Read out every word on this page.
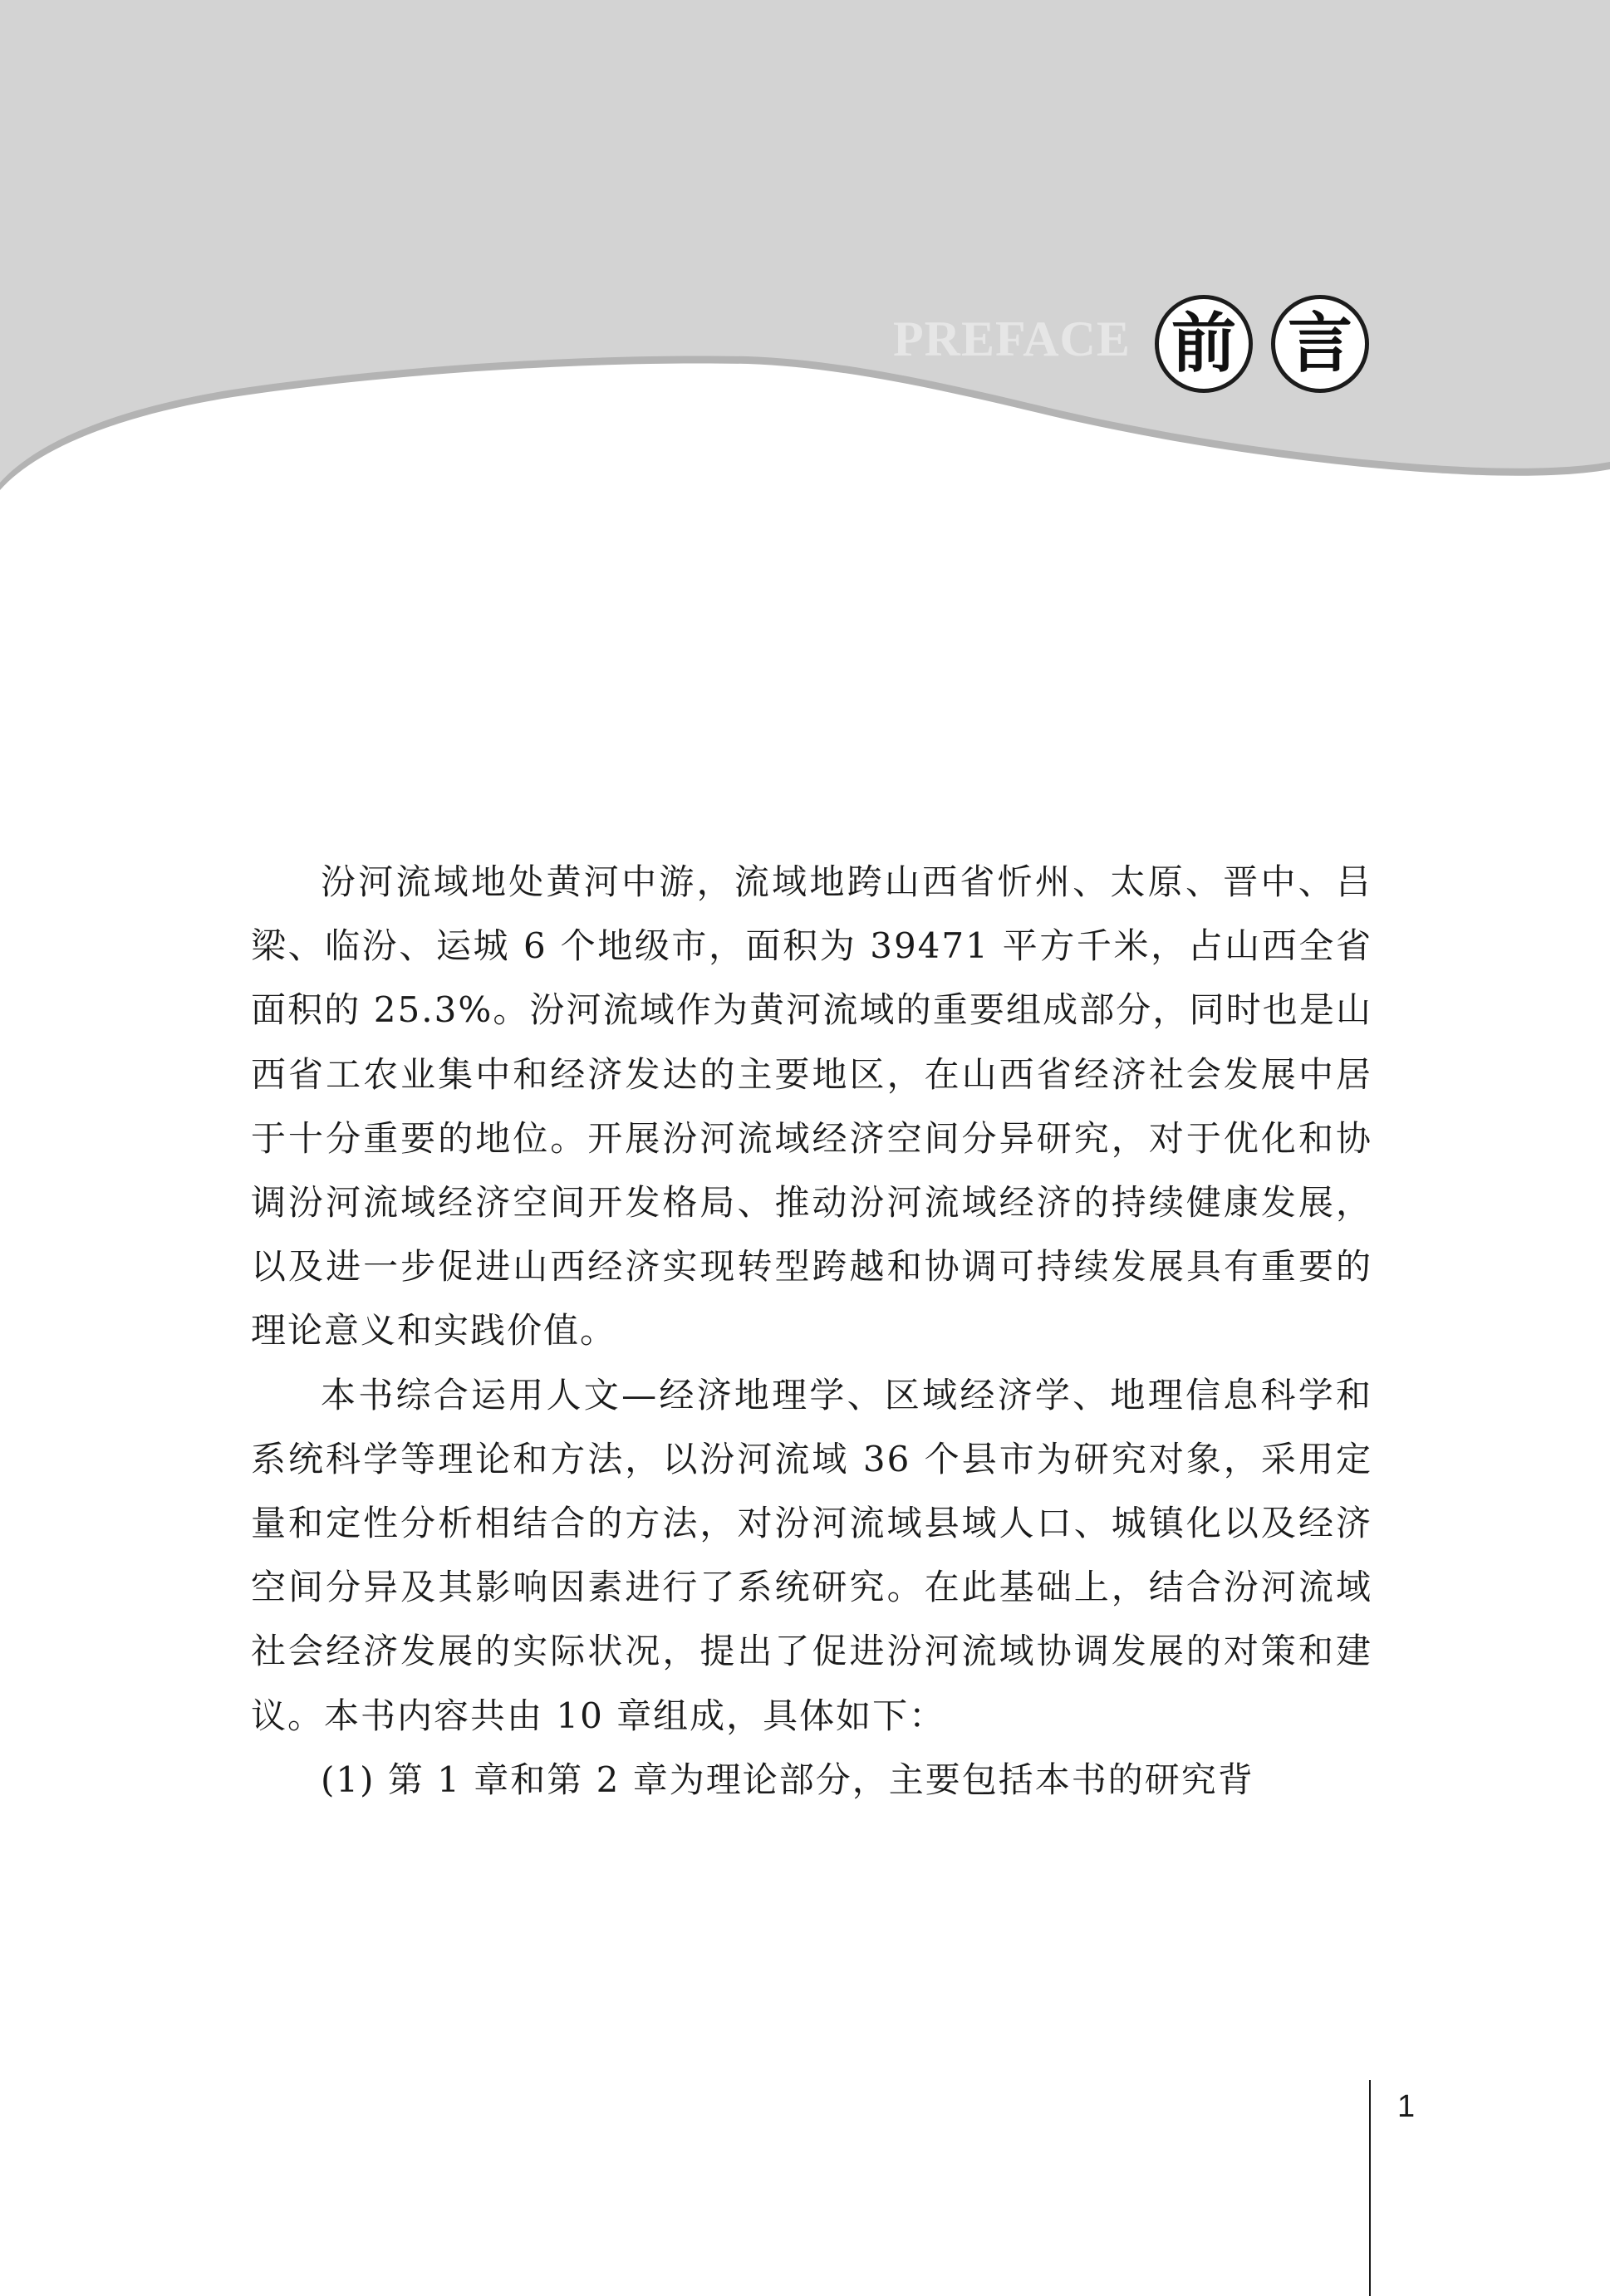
PREFACE 前 言

汾河流域地处黄河中游，流域地跨山西省忻州、太原、晋中、吕梁、临汾、运城 6 个地级市，面积为 39471 平方千米，占山西全省面积的 25.3%。汾河流域作为黄河流域的重要组成部分，同时也是山西省工农业集中和经济发达的主要地区，在山西省经济社会发展中居于十分重要的地位。开展汾河流域经济空间分异研究，对于优化和协调汾河流域经济空间开发格局、推动汾河流域经济的持续健康发展，以及进一步促进山西经济实现转型跨越和协调可持续发展具有重要的理论意义和实践价值。

本书综合运用人文—经济地理学、区域经济学、地理信息科学和系统科学等理论和方法，以汾河流域 36 个县市为研究对象，采用定量和定性分析相结合的方法，对汾河流域县域人口、城镇化以及经济空间分异及其影响因素进行了系统研究。在此基础上，结合汾河流域社会经济发展的实际状况，提出了促进汾河流域协调发展的对策和建议。本书内容共由 10 章组成，具体如下：

(1) 第 1 章和第 2 章为理论部分，主要包括本书的研究背

1
